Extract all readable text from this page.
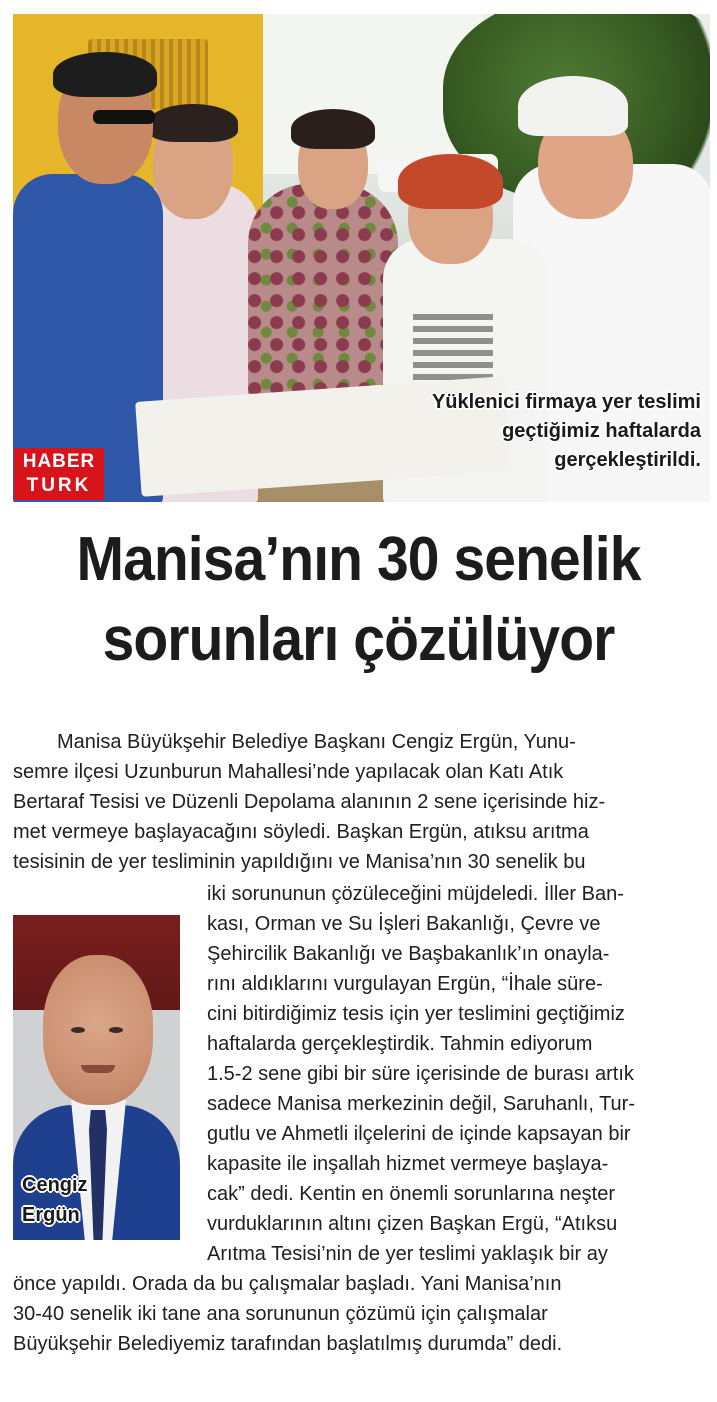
Yüklenici firmaya yer teslimi
geçtiğimiz haftalarda
gerçekleştirildi.
HABER
TURK
Manisa’nın 30 senelik
sorunları çözülüyor
Cengiz
Ergün
Manisa Büyükşehir Belediye Başkanı Cengiz Ergün, Yunu-
semre ilçesi Uzunburun Mahallesi’nde yapılacak olan Katı Atık
Bertaraf Tesisi ve Düzenli Depolama alanının 2 sene içerisinde hiz-
met vermeye başlayacağını söyledi. Başkan Ergün, atıksu arıtma
tesisinin de yer tesliminin yapıldığını ve Manisa’nın 30 senelik bu
iki sorununun çözüleceğini müjdeledi. İller Ban-
kası, Orman ve Su İşleri Bakanlığı, Çevre ve
Şehircilik Bakanlığı ve Başbakanlık’ın onayla-
rını aldıklarını vurgulayan Ergün, “İhale süre-
cini bitirdiğimiz tesis için yer teslimini geçtiğimiz
haftalarda gerçekleştirdik. Tahmin ediyorum
1.5-2 sene gibi bir süre içerisinde de burası artık
sadece Manisa merkezinin değil, Saruhanlı, Tur-
gutlu ve Ahmetli ilçelerini de içinde kapsayan bir
kapasite ile inşallah hizmet vermeye başlaya-
cak” dedi. Kentin en önemli sorunlarına neşter
vurduklarının altını çizen Başkan Ergü, “Atıksu
Arıtma Tesisi’nin de yer teslimi yaklaşık bir ay
önce yapıldı. Orada da bu çalışmalar başladı. Yani Manisa’nın
30-40 senelik iki tane ana sorununun çözümü için çalışmalar
Büyükşehir Belediyemiz tarafından başlatılmış durumda” dedi.
